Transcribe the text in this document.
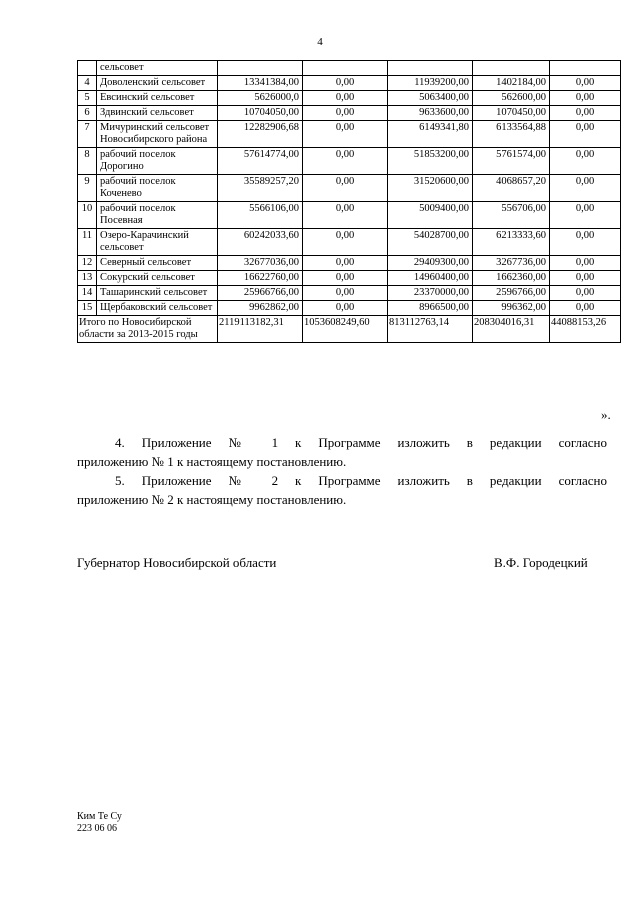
4
	сельсовет					
4	Доволенский сельсовет	13341384,00	0,00	11939200,00	1402184,00	0,00
5	Евсинский сельсовет	5626000,0	0,00	5063400,00	562600,00	0,00
6	Здвинский сельсовет	10704050,00	0,00	9633600,00	1070450,00	0,00
7	Мичуринский сельсовет Новосибирского района	12282906,68	0,00	6149341,80	6133564,88	0,00
8	рабочий поселок Дорогино	57614774,00	0,00	51853200,00	5761574,00	0,00
9	рабочий поселок Коченево	35589257,20	0,00	31520600,00	4068657,20	0,00
10	рабочий поселок Посевная	5566106,00	0,00	5009400,00	556706,00	0,00
11	Озеро-Карачинский сельсовет	60242033,60	0,00	54028700,00	6213333,60	0,00
12	Северный сельсовет	32677036,00	0,00	29409300,00	3267736,00	0,00
13	Сокурский сельсовет	16622760,00	0,00	14960400,00	1662360,00	0,00
14	Ташаринский сельсовет	25966766,00	0,00	23370000,00	2596766,00	0,00
15	Щербаковский сельсовет	9962862,00	0,00	8966500,00	996362,00	0,00
Итого по Новосибирской области за 2013-2015 годы		2119113182,31	1053608249,60	813112763,14	208304016,31	44088153,26
».
4. Приложение № 1 к Программе изложить в редакции согласно
приложению № 1 к настоящему постановлению.
5. Приложение № 2 к Программе изложить в редакции согласно
приложению № 2 к настоящему постановлению.
Губернатор Новосибирской области	В.Ф. Городецкий
Ким Те Су
223 06 06
